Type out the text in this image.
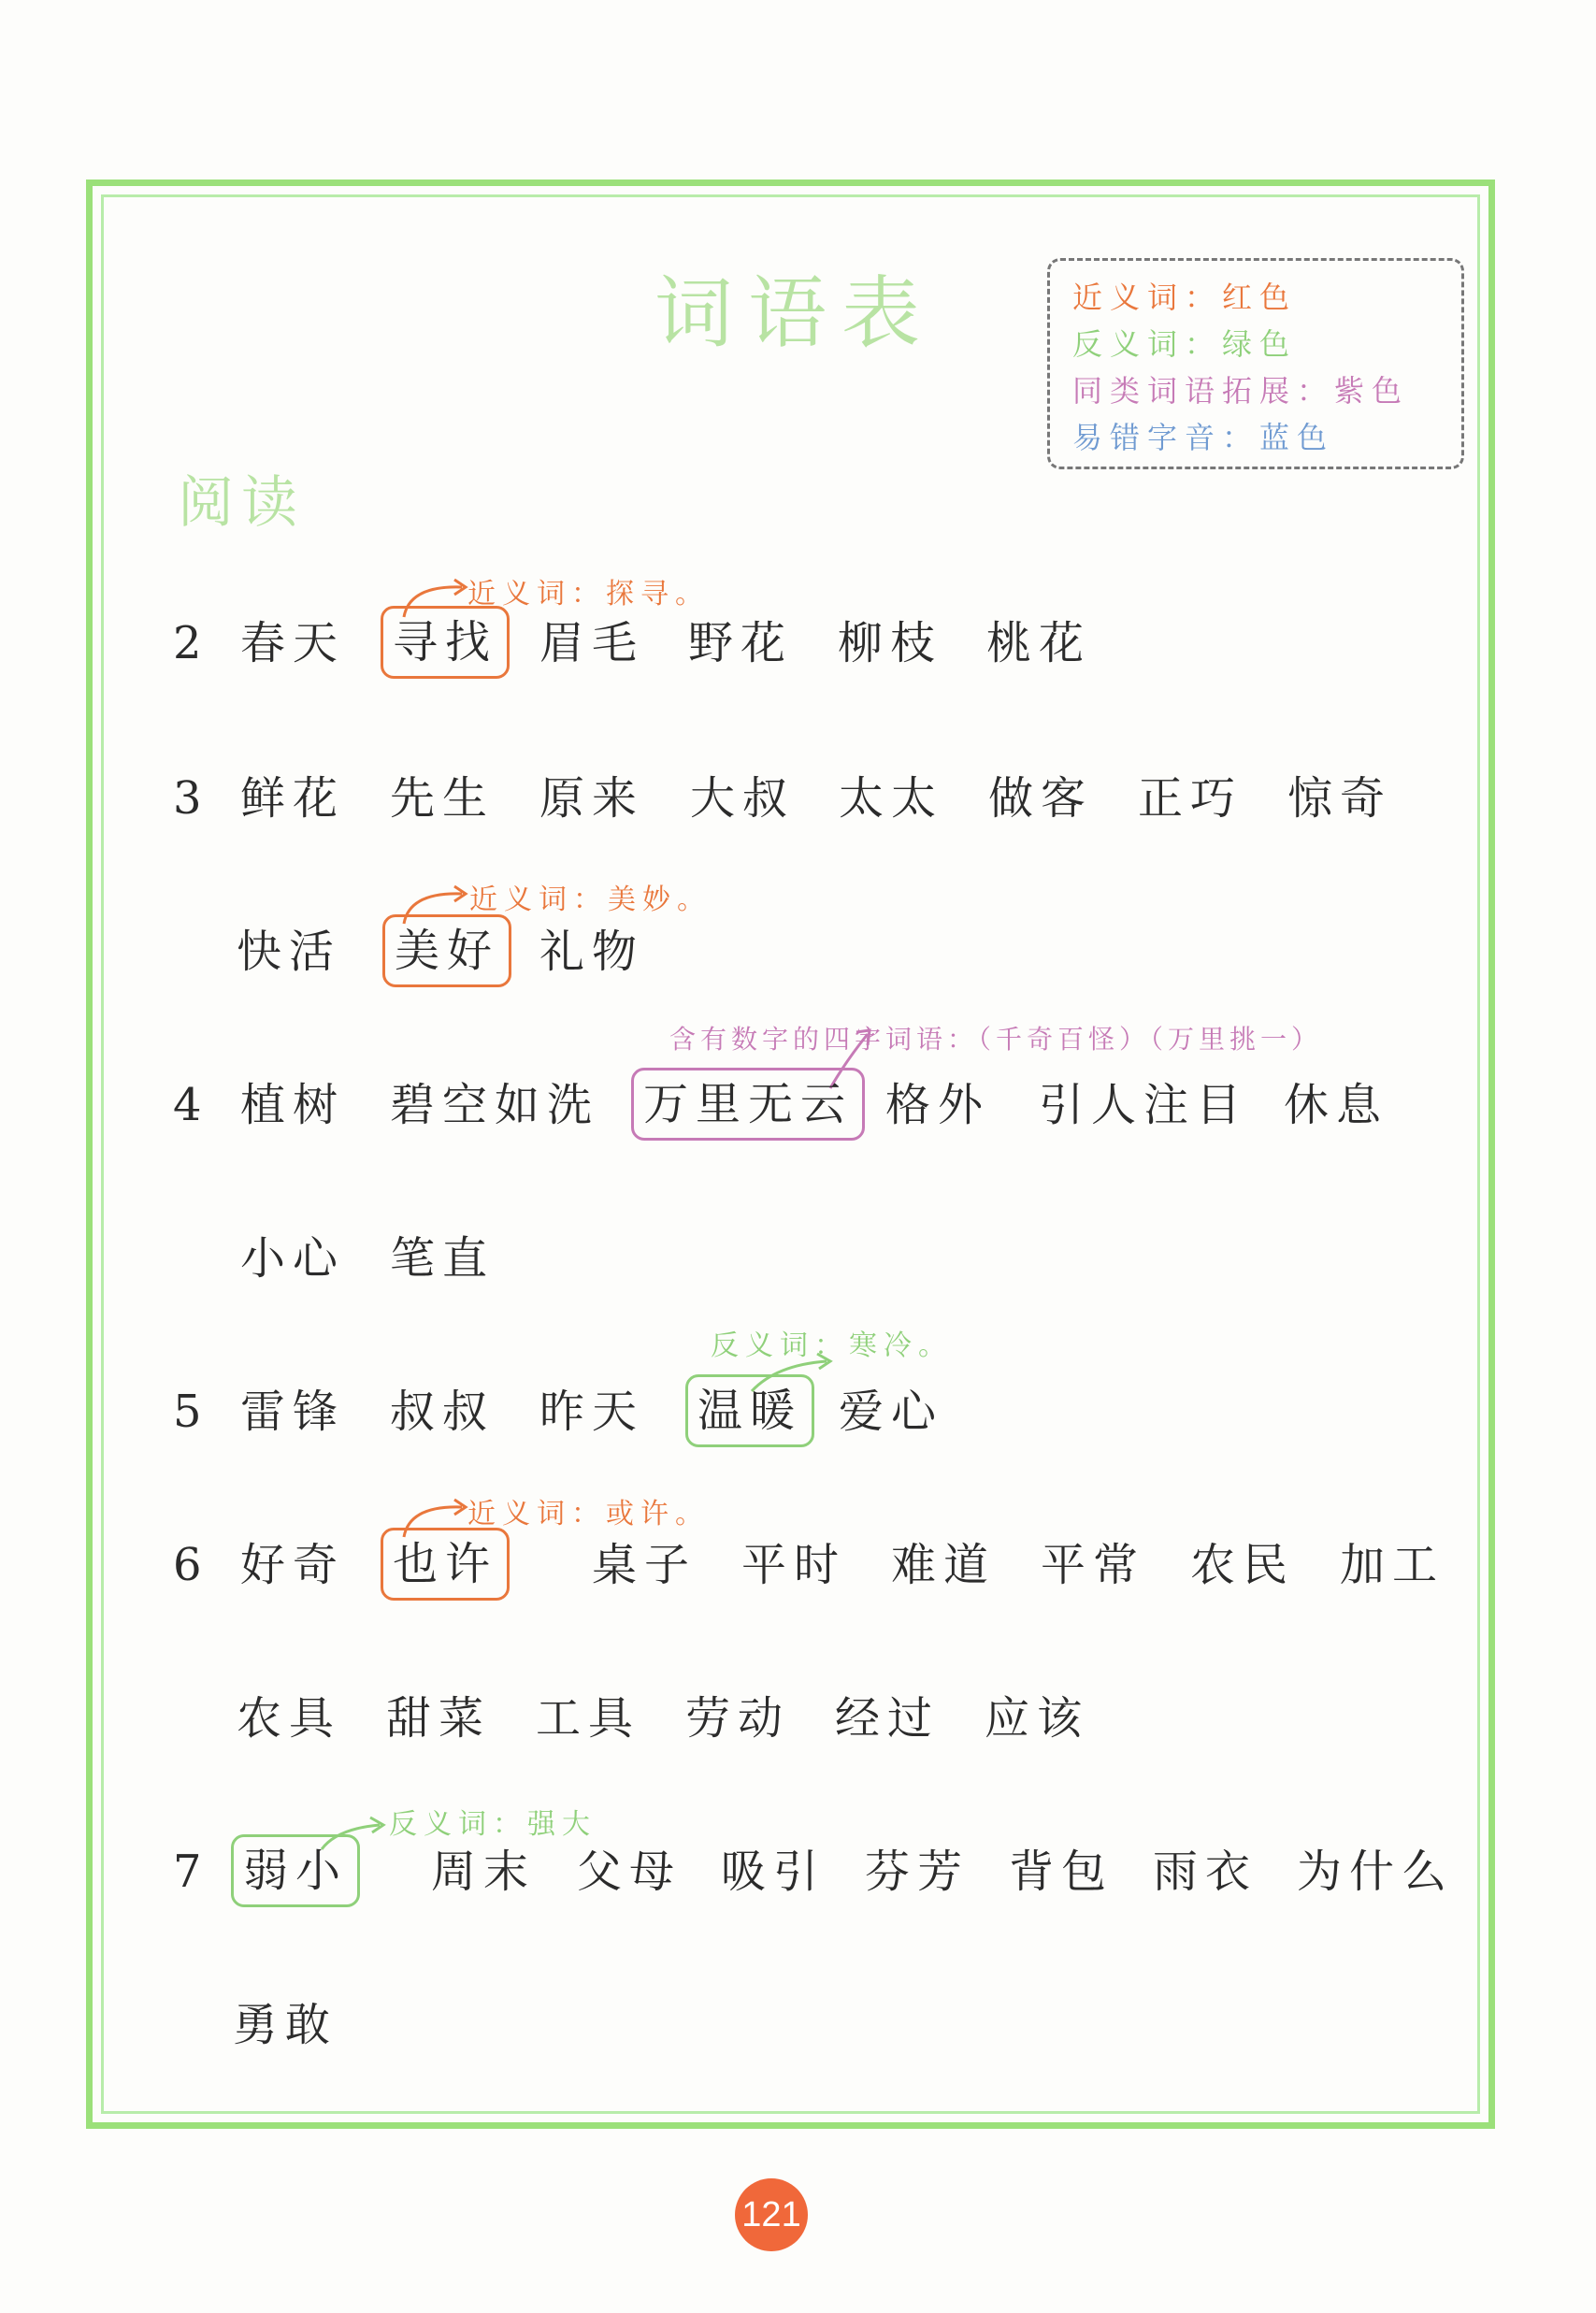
词语表	近义词：红色
反义词：绿色
同类词语拓展：紫色
易错字音：蓝色
阅读
2 春天 寻找 眉毛 野花 柳枝 桃花
近义词：探寻。
3 鲜花 先生 原来 大叔 太太 做客 正巧 惊奇
快活 美好 礼物
近义词：美妙。
含有数字的四字词语：（千奇百怪）（万里挑一）
4 植树 碧空如洗 万里无云 格外 引人注目 休息
小心 笔直
反义词：寒冷。
5 雷锋 叔叔 昨天 温暖 爱心
近义词：或许。
6 好奇 也许 桌子 平时 难道 平常 农民 加工
农具 甜菜 工具 劳动 经过 应该
反义词：强大
7 弱小 周末 父母 吸引 芬芳 背包 雨衣 为什么
勇敢
121
